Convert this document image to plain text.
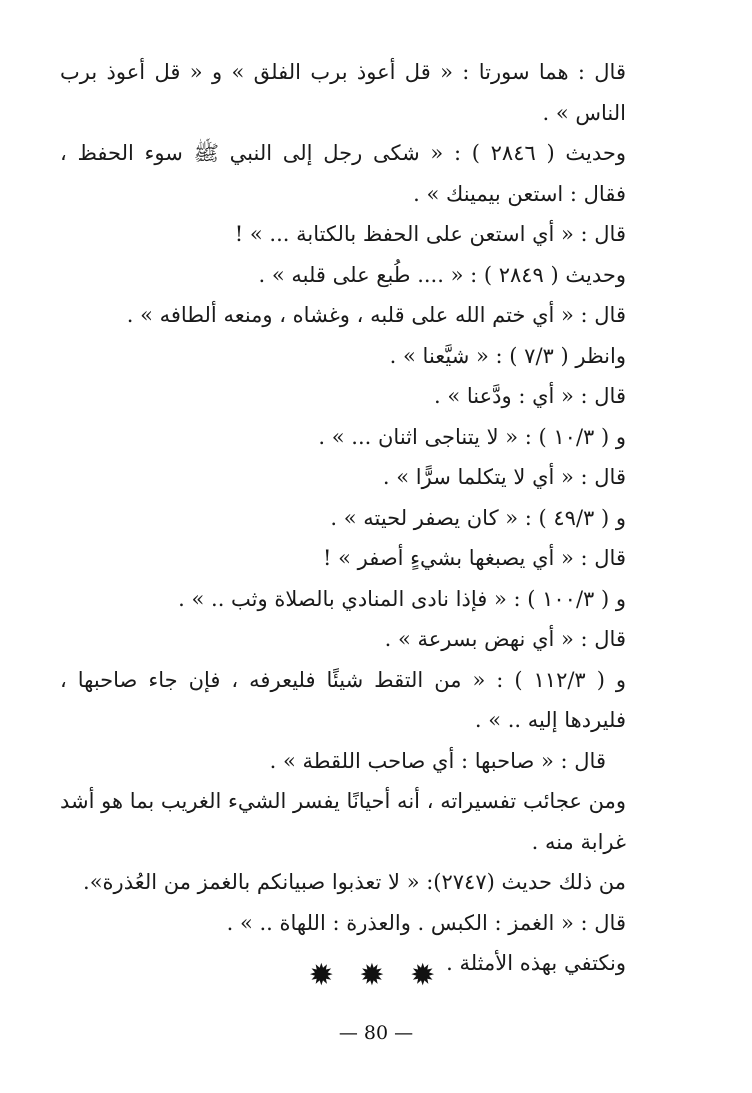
قال : هما سورتا : « قل أعوذ برب الفلق » و « قل أعوذ برب
الناس » .
وحديث ( ٢٨٤٦ ) : « شكى رجل إلى النبي ﷺ سوء الحفظ ،
فقال : استعن بيمينك » .
قال : « أي استعن على الحفظ بالكتابة ... » !
وحديث ( ٢٨٤٩ ) : « .... طُبع على قلبه » .
قال : « أي ختم الله على قلبه ، وغشاه ، ومنعه ألطافه » .
وانظر ( ٧/٣ ) : « شيَّعنا » .
قال : « أي : ودَّعنا » .
و ( ١٠/٣ ) : « لا يتناجى اثنان ... » .
قال : « أي لا يتكلما سرًّا » .
و ( ٤٩/٣ ) : « كان يصفر لحيته » .
قال : « أي يصبغها بشيءٍ أصفر » !
و ( ١٠٠/٣ ) : « فإذا نادى المنادي بالصلاة وثب .. » .
قال : « أي نهض بسرعة » .
و ( ١١٢/٣ ) : « من التقط شيئًا فليعرفه ، فإن جاء صاحبها ،
فليردها إليه .. » .
قال : « صاحبها : أي صاحب اللقطة » .
ومن عجائب تفسيراته ، أنه أحيانًا يفسر الشيء الغريب بما هو أشد
غرابة منه .
من ذلك حديث (٢٧٤٧): « لا تعذبوا صبيانكم بالغمز من العُذرة».
قال : « الغمز : الكبس . والعذرة : اللهاة .. » .
ونكتفي بهذه الأمثلة .
✹ ✹ ✹
— 80 —
